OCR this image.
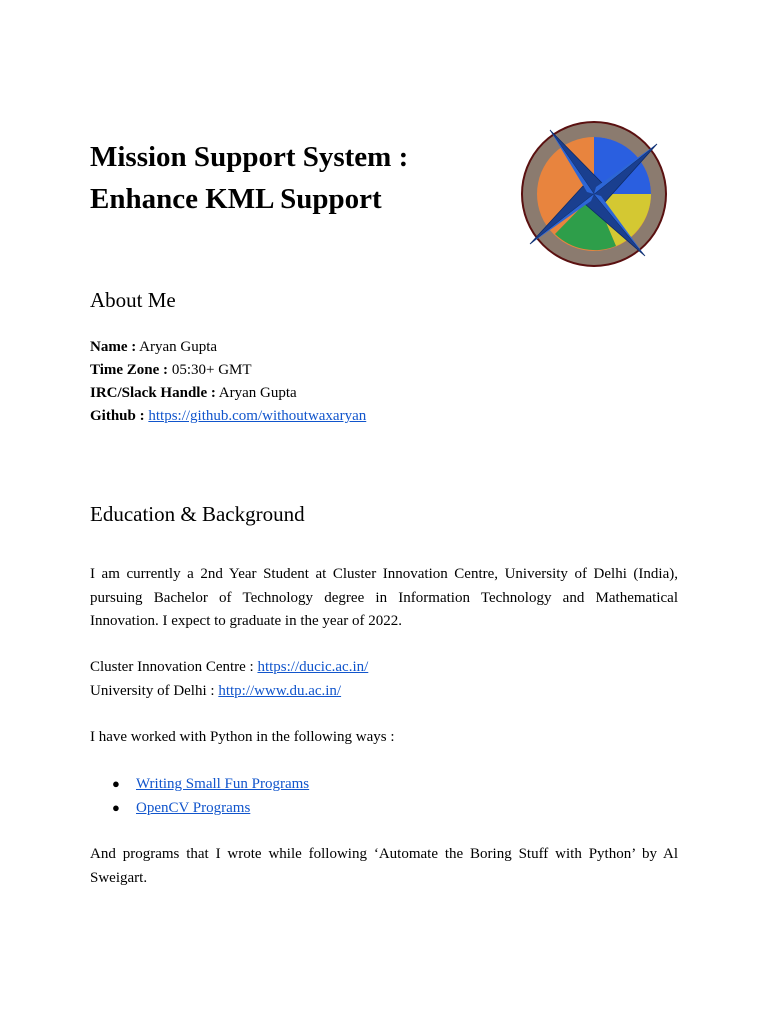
Mission Support System :
Enhance KML Support
About Me
Name : Aryan Gupta
Time Zone : 05:30+ GMT
IRC/Slack Handle : Aryan Gupta
Github : https://github.com/withoutwaxaryan
Education & Background

I am currently a 2nd Year Student at Cluster Innovation Centre, University of Delhi (India), pursuing Bachelor of Technology degree in Information Technology and Mathematical Innovation. I expect to graduate in the year of 2022.

Cluster Innovation Centre : https://ducic.ac.in/
University of Delhi : http://www.du.ac.in/

I have worked with Python in the following ways :

● Writing Small Fun Programs
● OpenCV Programs

And programs that I wrote while following ‘Automate the Boring Stuff with Python’ by Al Sweigart.
